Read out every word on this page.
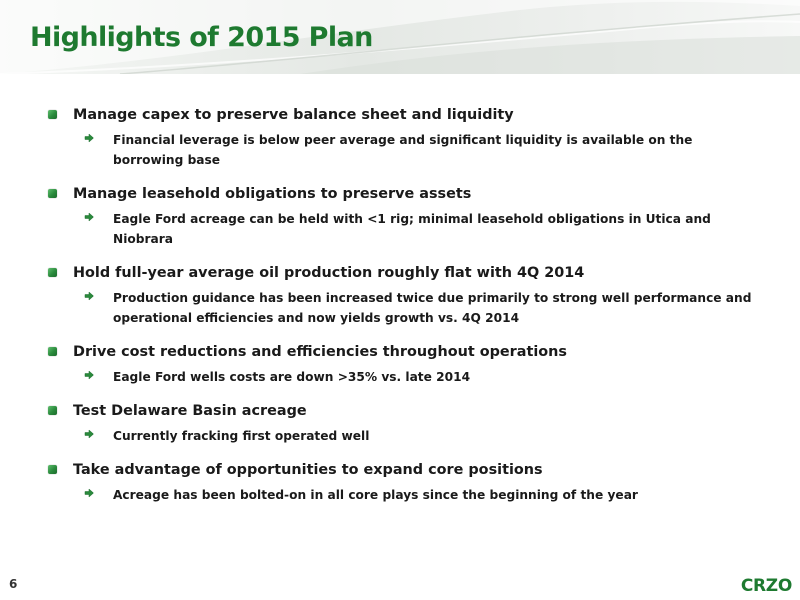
Highlights of 2015 Plan
Manage capex to preserve balance sheet and liquidity
Financial leverage is below peer average and significant liquidity is available on the borrowing base
Manage leasehold obligations to preserve assets
Eagle Ford acreage can be held with <1 rig; minimal leasehold obligations in Utica and Niobrara
Hold full-year average oil production roughly flat with 4Q 2014
Production guidance has been increased twice due primarily to strong well performance and operational efficiencies and now yields growth vs. 4Q 2014
Drive cost reductions and efficiencies throughout operations
Eagle Ford wells costs are down >35% vs. late 2014
Test Delaware Basin acreage
Currently fracking first operated well
Take advantage of opportunities to expand core positions
Acreage has been bolted-on in all core plays since the beginning of the year
6	CRZO
